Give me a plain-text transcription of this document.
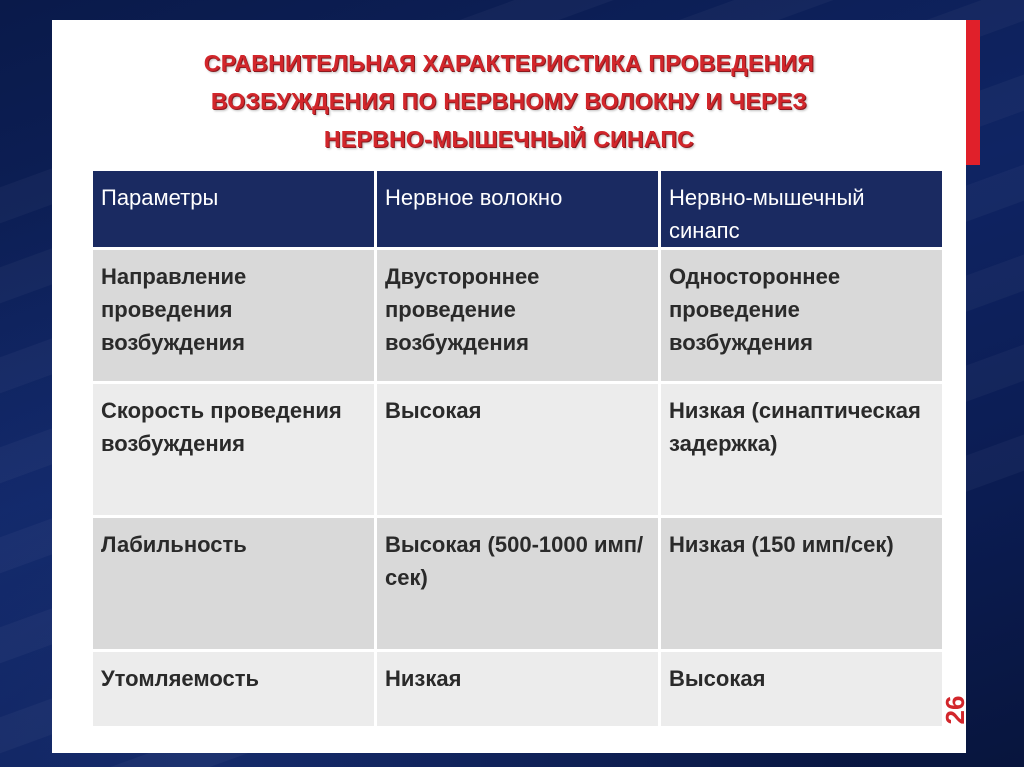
СРАВНИТЕЛЬНАЯ ХАРАКТЕРИСТИКА ПРОВЕДЕНИЯ
ВОЗБУЖДЕНИЯ ПО НЕРВНОМУ ВОЛОКНУ И ЧЕРЕЗ
НЕРВНО-МЫШЕЧНЫЙ СИНАПС
Параметры	Нервное волокно	Нервно-мышечный синапс
Направление проведения возбуждения	Двустороннее проведение возбуждения	Одностороннее проведение возбуждения
Скорость проведения возбуждения	Высокая	Низкая (синаптическая задержка)
Лабильность	Высокая (500-1000 имп/сек)	Низкая (150 имп/сек)
Утомляемость	Низкая	Высокая
26
